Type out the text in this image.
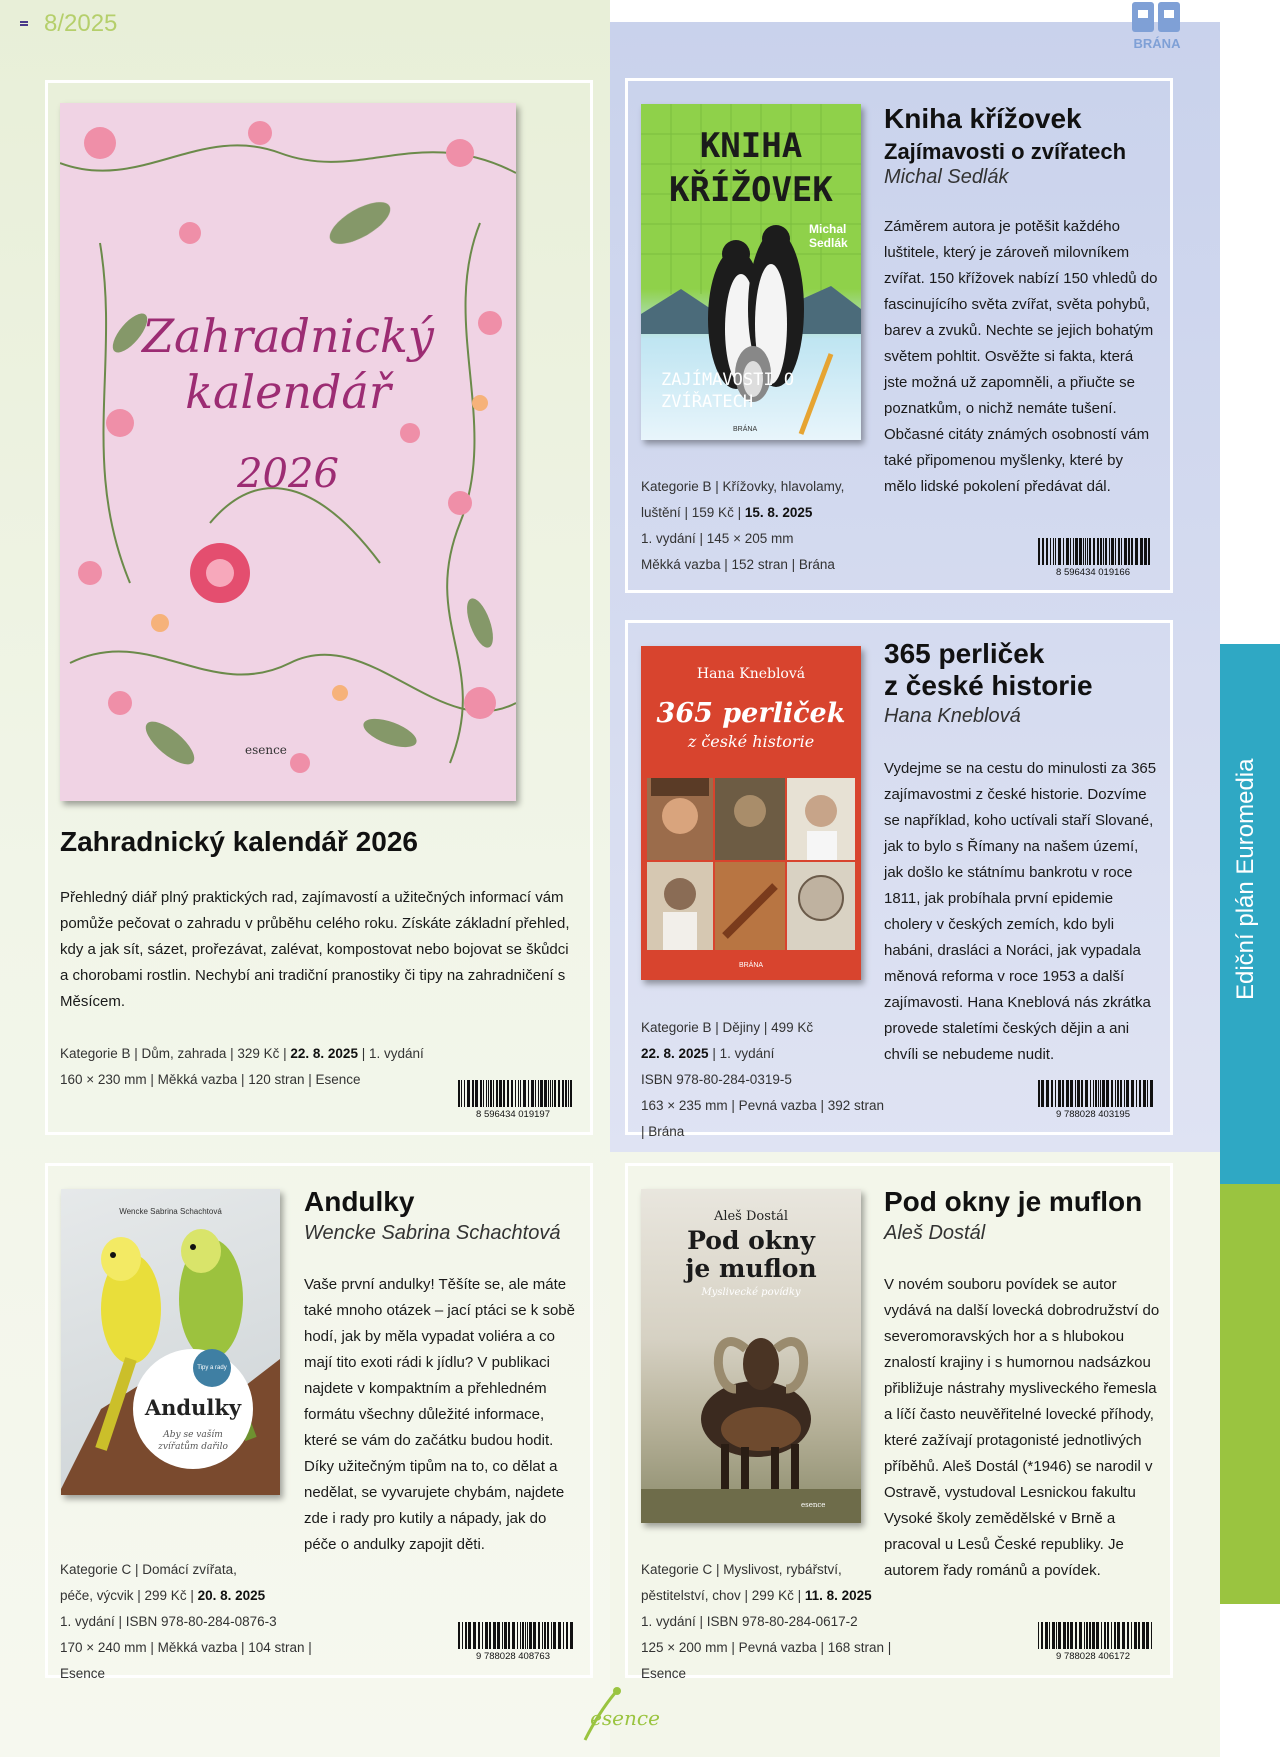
8/2025
BRÁNA
Ediční plán Euromedia
19
Zahradnický
kalendář
2026
esence
Zahradnický kalendář 2026
Přehledný diář plný praktických rad, zajímavostí a užitečných informací vám pomůže pečovat o zahradu v průběhu celého roku. Získáte základní přehled, kdy a jak sít, sázet, prořezávat, zalévat, kompostovat nebo bojovat se škůdci a chorobami rostlin. Nechybí ani tradiční pranostiky či tipy na zahradničení s Měsícem.
Kategorie B | Dům, zahrada | 329 Kč | 22. 8. 2025 | 1. vydání
160 × 230 mm | Měkká vazba | 120 stran | Esence
8 596434 019197
KNIHA KŘÍŽOVEK
Michal Sedlák
ZAJÍMAVOSTI O ZVÍŘATECH
BRÁNA
Kniha křížovek
Zajímavosti o zvířatech
Michal Sedlák
Záměrem autora je potěšit každého luštitele, který je zároveň milovníkem zvířat. 150 křížovek nabízí 150 vhledů do fascinujícího světa zvířat, světa pohybů, barev a zvuků. Nechte se jejich bohatým světem pohltit. Osvěžte si fakta, která jste možná už zapomněli, a přiučte se poznatkům, o nichž nemáte tušení. Občasné citáty známých osobností vám také připomenou myšlenky, které by mělo lidské pokolení předávat dál.
Kategorie B | Křížovky, hlavolamy,
luštění | 159 Kč | 15. 8. 2025
1. vydání | 145 × 205 mm
Měkká vazba | 152 stran | Brána
8 596434 019166
Hana Kneblová
365 perliček
z české historie
BRÁNA
365 perliček
z české historie
Hana Kneblová
Vydejme se na cestu do minulosti za 365 zajímavostmi z české historie. Dozvíme se například, koho uctívali staří Slované, jak to bylo s Římany na našem území, jak došlo ke státnímu bankrotu v roce 1811, jak probíhala první epidemie cholery v českých zemích, kdo byli habáni, drasláci a Noráci, jak vypadala měnová reforma v roce 1953 a další zajímavosti. Hana Kneblová nás zkrátka provede staletími českých dějin a ani chvíli se nebudeme nudit.
Kategorie B | Dějiny | 499 Kč
22. 8. 2025 | 1. vydání
ISBN 978-80-284-0319-5
163 × 235 mm | Pevná vazba | 392 stran | Brána
9 788028 403195
Wencke Sabrina Schachtová
Tipy a rady
Andulky
Aby se vaším zvířatům dařilo
Andulky
Wencke Sabrina Schachtová
Vaše první andulky! Těšíte se, ale máte také mnoho otázek – jací ptáci se k sobě hodí, jak by měla vypadat voliéra a co mají tito exoti rádi k jídlu? V publikaci najdete v kompaktním a přehledném formátu všechny důležité informace, které se vám do začátku budou hodit. Díky užitečným tipům na to, co dělat a nedělat, se vyvarujete chybám, najdete zde i rady pro kutily a nápady, jak do péče o andulky zapojit děti.
Kategorie C | Domácí zvířata,
péče, výcvik | 299 Kč | 20. 8. 2025
1. vydání | ISBN 978-80-284-0876-3
170 × 240 mm | Měkká vazba | 104 stran | Esence
9 788028 408763
Aleš Dostál
Pod okny
je muflon
Myslivecké povídky
esence
Pod okny je muflon
Aleš Dostál
V novém souboru povídek se autor vydává na další lovecká dobrodružství do severomoravských hor a s hlubokou znalostí krajiny i s humornou nadsázkou přibližuje nástrahy mysliveckého řemesla a líčí často neuvěřitelné lovecké příhody, které zažívají protagonisté jednotlivých příběhů. Aleš Dostál (*1946) se narodil v Ostravě, vystudoval Lesnickou fakultu Vysoké školy zemědělské v Brně a pracoval u Lesů České republiky. Je autorem řady románů a povídek.
Kategorie C | Myslivost, rybářství,
pěstitelství, chov | 299 Kč | 11. 8. 2025
1. vydání | ISBN 978-80-284-0617-2
125 × 200 mm | Pevná vazba | 168 stran | Esence
9 788028 406172
esence
